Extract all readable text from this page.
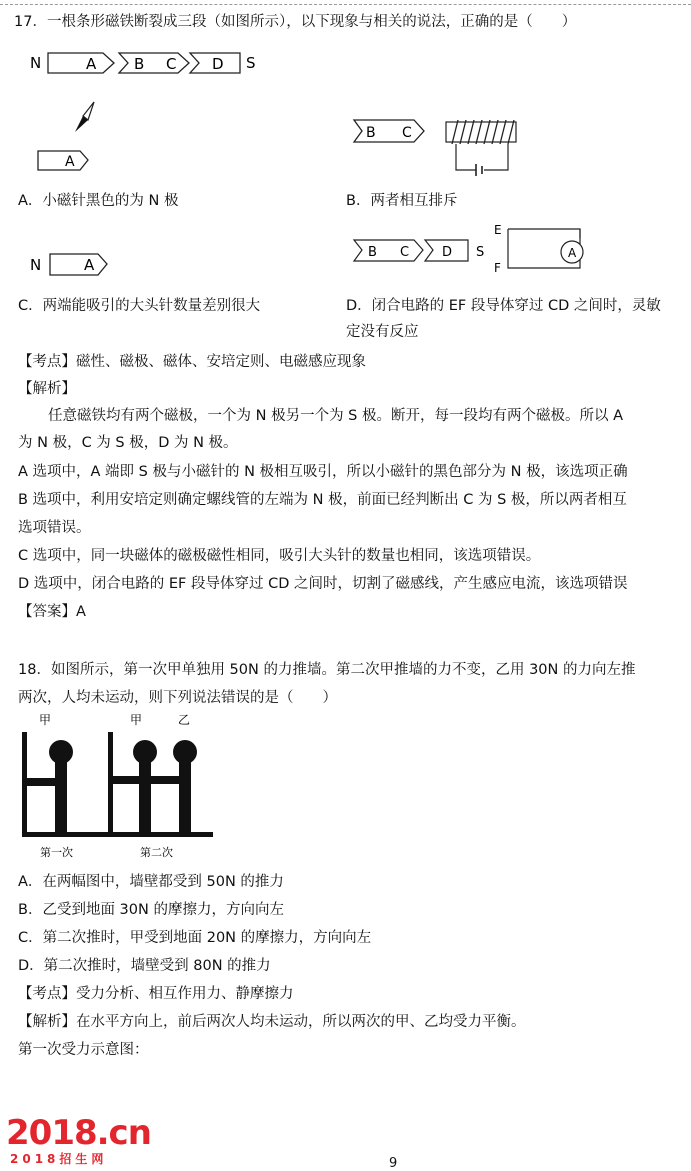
17．一根条形磁铁断裂成三段（如图所示），以下现象与相关的说法，正确的是（　　）
N	A	B C D S
A
B C
A．小磁针黑色的为 N 极	B．两者相互排斥
N	A
B C	D S
E
F
A
C．两端能吸引的大头针数量差别很大	D．闭合电路的 EF 段导体穿过 CD 之间时，灵敏
定没有反应
【考点】磁性、磁极、磁体、安培定则、电磁感应现象
【解析】
任意磁铁均有两个磁极，一个为 N 极另一个为 S 极。断开，每一段均有两个磁极。所以 A
为 N 极，C 为 S 极，D 为 N 极。
A 选项中，A 端即 S 极与小磁针的 N 极相互吸引，所以小磁针的黑色部分为 N 极，该选项正确
B 选项中，利用安培定则确定螺线管的左端为 N 极，前面已经判断出 C 为 S 极，所以两者相互
选项错误。
C 选项中，同一块磁体的磁极磁性相同，吸引大头针的数量也相同，该选项错误。
D 选项中，闭合电路的 EF 段导体穿过 CD 之间时，切割了磁感线，产生感应电流，该选项错误
【答案】A
18．如图所示，第一次甲单独用 50N 的力推墙。第二次甲推墙的力不变，乙用 30N 的力向左推
两次，人均未运动，则下列说法错误的是（　　）
甲
第一次
甲	乙
第二次
A．在两幅图中，墙壁都受到 50N 的推力
B．乙受到地面 30N 的摩擦力，方向向左
C．第二次推时，甲受到地面 20N 的摩擦力，方向向左
D．第二次推时，墙壁受到 80N 的推力
【考点】受力分析、相互作用力、静摩擦力
【解析】在水平方向上，前后两次人均未运动，所以两次的甲、乙均受力平衡。
第一次受力示意图：
2018.cn
2018招生网	9
